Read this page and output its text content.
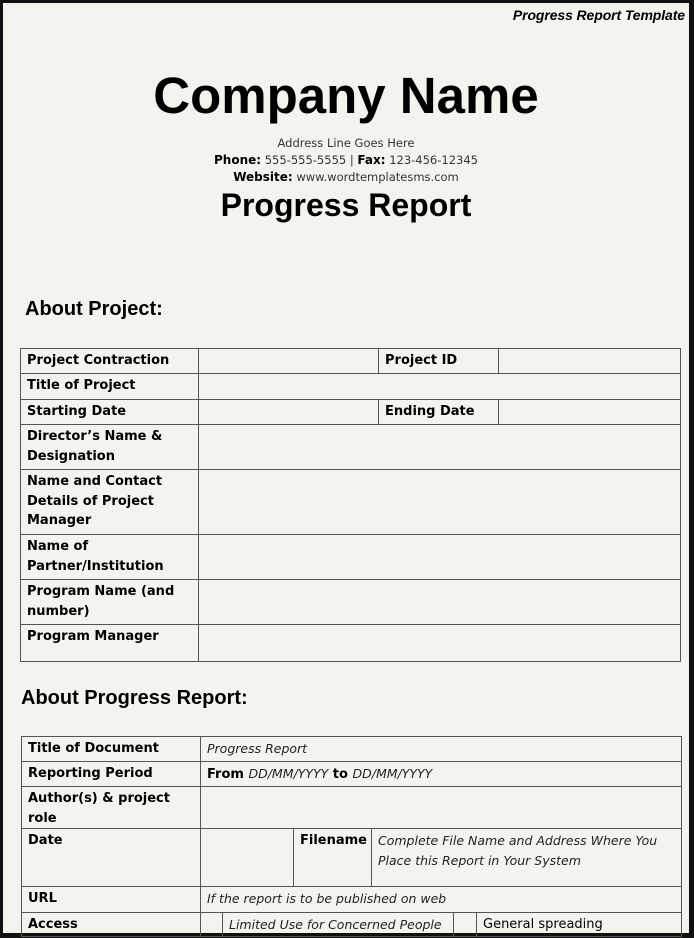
Progress Report Template
Company Name
Address Line Goes Here
Phone: 555-555-5555 | Fax: 123-456-12345
Website: www.wordtemplatesms.com
Progress Report
About Project:
Project Contraction		Project ID	
Title of Project			
Starting Date		Ending Date	

Director’s Name &
Designation			

Name and Contact
Details of Project
Manager			

Name of
Partner/Institution			

Program Name (and
number)			

Program Manager			
About Progress Report:
Title of Document	Progress Report					
Reporting Period	From DD/MM/YYYY to DD/MM/YYYY					
Author(s) & project role						
Date			Filename	Complete File Name and Address Where You
Place this Report in Your System		

URL	If the report is to be published on web					
Access		Limited Use for Concerned People				General spreading
